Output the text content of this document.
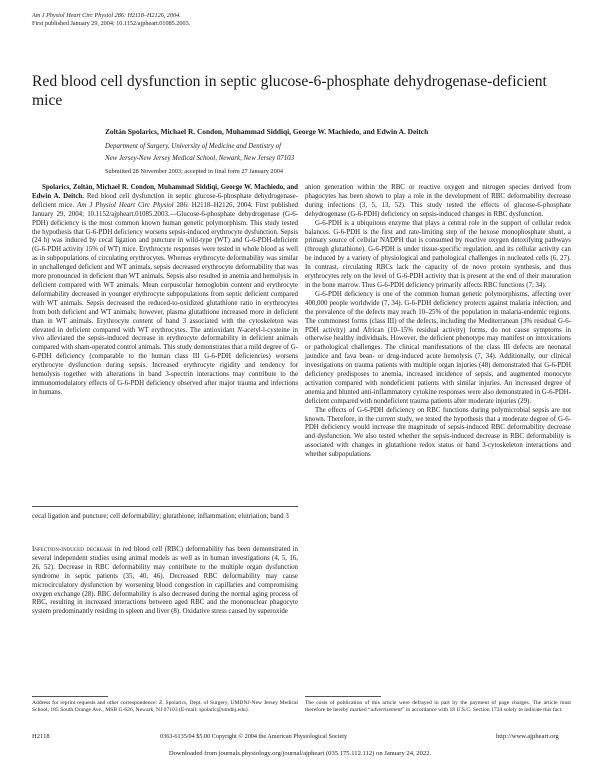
Am J Physiol Heart Circ Physiol 286: H2118–H2126, 2004.
First published January 29, 2004; 10.1152/ajpheart.01085.2003.
Red blood cell dysfunction in septic glucose-6-phosphate dehydrogenase-deficient mice
Zoltán Spolarics, Michael R. Condon, Muhammad Siddiqi, George W. Machiedo, and Edwin A. Deitch
Department of Surgery, University of Medicine and Dentistry of
New Jersey-New Jersey Medical School, Newark, New Jersey 07103
Submitted 28 November 2003; accepted in final form 27 January 2004

Spolarics, Zoltán, Michael R. Condon, Muhammad Siddiqi, George W. Machiedo, and Edwin A. Deitch. Red blood cell dysfunction in septic glucose-6-phosphate dehydrogenase-deficient mice. Am J Physiol Heart Circ Physiol 286: H2118–H2126, 2004. First published January 29, 2004; 10.1152/ajpheart.01085.2003.—Glucose-6-phosphate dehydrogenase (G-6-PDH) deficiency is the most common known human genetic polymorphism. This study tested the hypothesis that G-6-PDH deficiency worsens sepsis-induced erythrocyte dysfunction. Sepsis (24 h) was induced by cecal ligation and puncture in wild-type (WT) and G-6-PDH-deficient (G-6-PDH activity 15% of WT) mice. Erythrocyte responses were tested in whole blood as well as in subpopulations of circulating erythrocytes. Whereas erythrocyte deformability was similar in unchallenged deficient and WT animals, sepsis decreased erythrocyte deformability that was more pronounced in deficient than WT animals. Sepsis also resulted in anemia and hemolysis in deficient compared with WT animals. Mean corpuscular hemoglobin content and erythrocyte deformability decreased in younger erythrocyte subpopulations from septic deficient compared with WT animals. Sepsis decreased the reduced-to-oxidized glutathione ratio in erythrocytes from both deficient and WT animals; however, plasma glutathione increased more in deficient than in WT animals. Erythrocyte content of band 3 associated with the cytoskeleton was elevated in deficient compared with WT erythrocytes. The antioxidant N-acetyl-l-cysteine in vivo alleviated the sepsis-induced decrease in erythrocyte deformability in deficient animals compared with sham-operated control animals. This study demonstrates that a mild degree of G-6-PDH deficiency (comparable to the human class III G-6-PDH deficiencies) worsens erythrocyte dysfunction during sepsis. Increased erythrocyte rigidity and tendency for hemolysis together with alterations in band 3-spectrin interactions may contribute to the immunomodulatory effects of G-6-PDH deficiency observed after major trauma and infections in humans.

cecal ligation and puncture; cell deformability; glutathione; inflammation; elutriation; band 3

Infection-induced decrease in red blood cell (RBC) deformability has been demonstrated in several independent studies using animal models as well as in human investigations (4, 5, 16, 26, 52). Decrease in RBC deformability may contribute to the multiple organ dysfunction syndrome in septic patients (35, 40, 46). Decreased RBC deformability may cause microcirculatory dysfunction by worsening blood congestion in capillaries and compromising oxygen exchange (28). RBC deformability is also decreased during the normal aging process of RBC, resulting in increased interactions between aged RBC and the mononuclear phagocyte system predominantly residing in spleen and liver (8). Oxidative stress caused by superoxide

anion generation within the RBC or reactive oxygen and nitrogen species derived from phagocytes has been shown to play a role in the development of RBC deformability decrease during infections (3, 5, 13, 52). This study tested the effects of glucose-6-phosphate dehydrogenase (G-6-PDH) deficiency on sepsis-induced changes in RBC dysfunction.

G-6-PDH is a ubiquitous enzyme that plays a central role in the support of cellular redox balances. G-6-PDH is the first and rate-limiting step of the hexose monophosphate shunt, a primary source of cellular NADPH that is consumed by reactive oxygen detoxifying pathways (through glutathione). G-6-PDH is under tissue-specific regulation, and its cellular activity can be induced by a variety of physiological and pathological challenges in nucleated cells (6, 27). In contrast, circulating RBCs lack the capacity of de novo protein synthesis, and thus erythrocytes rely on the level of G-6-PDH activity that is present at the end of their maturation in the bone marrow. Thus G-6-PDH deficiency primarily affects RBC functions (7, 34).

G-6-PDH deficiency is one of the common human genetic polymorphisms, affecting over 400,000 people worldwide (7, 34). G-6-PDH deficiency protects against malaria infection, and the prevalence of the defects may reach 10–25% of the population in malaria-endemic regions. The commonest forms (class III) of the defects, including the Mediterranean (3% residual G-6-PDH activity) and African (10–15% residual activity) forms, do not cause symptoms in otherwise healthy individuals. However, the deficient phenotype may manifest on intoxications or pathological challenges. The clinical manifestations of the class III defects are neonatal jaundice and fava bean- or drug-induced acute hemolysis (7, 34). Additionally, our clinical investigations on trauma patients with multiple organ injuries (48) demonstrated that G-6-PDH deficiency predisposes to anemia, increased incidence of sepsis, and augmented monocyte activation compared with nondeficient patients with similar injuries. An increased degree of anemia and blunted anti-inflammatory cytokine responses were also demonstrated in G-6-PDH-deficient compared with nondeficient trauma patients after moderate injuries (29).

The effects of G-6-PDH deficiency on RBC functions during polymicrobial sepsis are not known. Therefore, in the current study, we tested the hypothesis that a moderate degree of G-6-PDH deficiency would increase the magnitude of sepsis-induced RBC deformability decrease and dysfunction. We also tested whether the sepsis-induced decrease in RBC deformability is associated with changes in glutathione redox status or band 3-cytoskeleton interactions and whether subpopulations

Address for reprint requests and other correspondence: Z. Spolarics, Dept. of Surgery, UMDNJ-New Jersey Medical School, 185 South Orange Ave., MSB G-626, Newark, NJ 07103 (E-mail: spolaric@umdnj.edu).
The costs of publication of this article were defrayed in part by the payment of page charges. The article must therefore be hereby marked “advertisement” in accordance with 18 U.S.C. Section 1734 solely to indicate this fact.
H2118	0363-6135/04 $5.00 Copyright © 2004 the American Physiological Society	http://www.ajpheart.org
Downloaded from journals.physiology.org/journal/ajpheart (035.175.112.112) on January 24, 2022.
